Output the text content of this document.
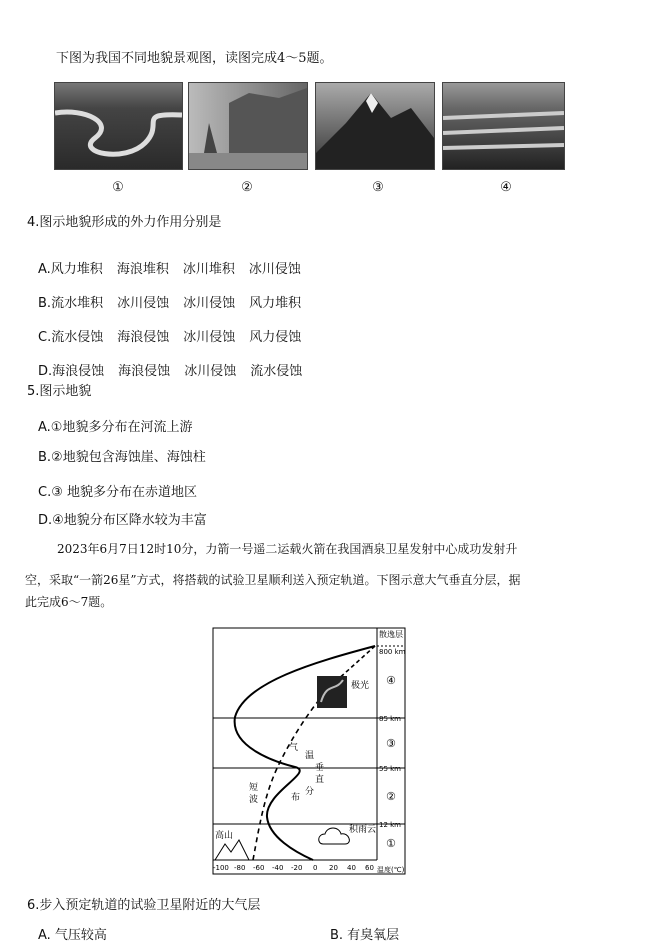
下图为我国不同地貌景观图，读图完成4～5题。
①	②	③	④
4.图示地貌形成的外力作用分别是
A.风力堆积 海浪堆积 冰川堆积 冰川侵蚀
B.流水堆积 冰川侵蚀 冰川侵蚀 风力堆积
C.流水侵蚀 海浪侵蚀 冰川侵蚀 风力侵蚀
D.海浪侵蚀 海浪侵蚀 冰川侵蚀 流水侵蚀
5.图示地貌
A.①地貌多分布在河流上游
B.②地貌包含海蚀崖、海蚀柱
C.③ 地貌多分布在赤道地区
D.④地貌分布区降水较为丰富
2023年6月7日12时10分，力箭一号遥二运载火箭在我国酒泉卫星发射中心成功发射升
空，采取“一箭26星”方式，将搭载的试验卫星顺利送入预定轨道。下图示意大气垂直分层，据
此完成6～7题。
极光
高山
积雨云
散逸层
800 km
85 km
55 km
12 km
④
③
②
①
短
波
气
温
垂
直
分
布
-100 -80 -60 -40 -20 0 20 40 60 温度(℃)
6.步入预定轨道的试验卫星附近的大气层
A. 气压较高	B. 有臭氧层
